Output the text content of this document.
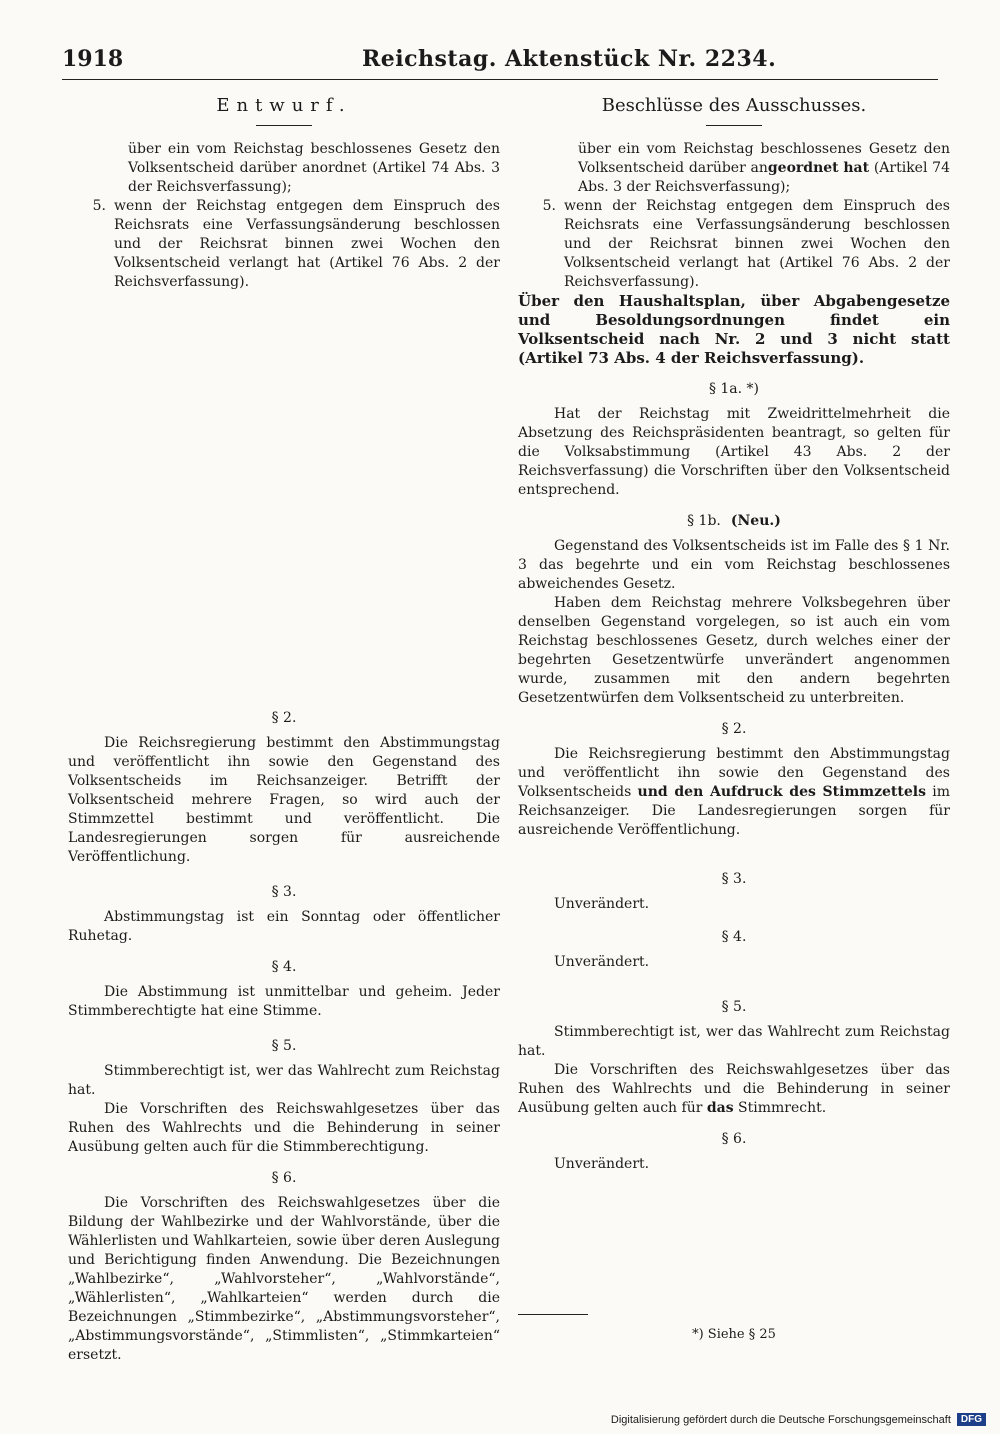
1918	Reichstag. Aktenstück Nr. 2234.
Entwurf.

über ein vom Reichstag beschlossenes Gesetz den Volksentscheid darüber anordnet (Artikel 74 Abs. 3 der Reichsverfassung);

5. wenn der Reichstag entgegen dem Einspruch des Reichsrats eine Verfassungsänderung beschlossen und der Reichsrat binnen zwei Wochen den Volksentscheid verlangt hat (Artikel 76 Abs. 2 der Reichsverfassung).
§ 2.

Die Reichsregierung bestimmt den Abstimmungstag und veröffentlicht ihn sowie den Gegenstand des Volksentscheids im Reichsanzeiger. Betrifft der Volksentscheid mehrere Fragen, so wird auch der Stimmzettel bestimmt und veröffentlicht. Die Landesregierungen sorgen für ausreichende Veröffentlichung.

§ 3.

Abstimmungstag ist ein Sonntag oder öffentlicher Ruhetag.

§ 4.

Die Abstimmung ist unmittelbar und geheim. Jeder Stimmberechtigte hat eine Stimme.

§ 5.

Stimmberechtigt ist, wer das Wahlrecht zum Reichstag hat.

Die Vorschriften des Reichswahlgesetzes über das Ruhen des Wahlrechts und die Behinderung in seiner Ausübung gelten auch für die Stimmberechtigung.

§ 6.

Die Vorschriften des Reichswahlgesetzes über die Bildung der Wahlbezirke und der Wahlvorstände, über die Wählerlisten und Wahlkarteien, sowie über deren Auslegung und Berichtigung finden Anwendung. Die Bezeichnungen „Wahlbezirke“, „Wahlvorsteher“, „Wahlvorstände“, „Wählerlisten“, „Wahlkarteien“ werden durch die Bezeichnungen „Stimmbezirke“, „Abstimmungsvorsteher“, „Abstimmungsvorstände“, „Stimmlisten“, „Stimmkarteien“ ersetzt.

Beschlüsse des Ausschusses.

über ein vom Reichstag beschlossenes Gesetz den Volksentscheid darüber angeordnet hat (Artikel 74 Abs. 3 der Reichsverfassung);

5. wenn der Reichstag entgegen dem Einspruch des Reichsrats eine Verfassungsänderung beschlossen und der Reichsrat binnen zwei Wochen den Volksentscheid verlangt hat (Artikel 76 Abs. 2 der Reichsverfassung).

Über den Haushaltsplan, über Abgabengesetze und Besoldungsordnungen findet ein Volksentscheid nach Nr. 2 und 3 nicht statt (Artikel 73 Abs. 4 der Reichsverfassung).

§ 1a. *)

Hat der Reichstag mit Zweidrittelmehrheit die Absetzung des Reichspräsidenten beantragt, so gelten für die Volksabstimmung (Artikel 43 Abs. 2 der Reichsverfassung) die Vorschriften über den Volksentscheid entsprechend.

§ 1b. (Neu.)

Gegenstand des Volksentscheids ist im Falle des § 1 Nr. 3 das begehrte und ein vom Reichstag beschlossenes abweichendes Gesetz.

Haben dem Reichstag mehrere Volksbegehren über denselben Gegenstand vorgelegen, so ist auch ein vom Reichstag beschlossenes Gesetz, durch welches einer der begehrten Gesetzentwürfe unverändert angenommen wurde, zusammen mit den andern begehrten Gesetzentwürfen dem Volksentscheid zu unterbreiten.

§ 2.

Die Reichsregierung bestimmt den Abstimmungstag und veröffentlicht ihn sowie den Gegenstand des Volksentscheids und den Aufdruck des Stimmzettels im Reichsanzeiger. Die Landesregierungen sorgen für ausreichende Veröffentlichung.

§ 3.

Unverändert.

§ 4.

Unverändert.

§ 5.

Stimmberechtigt ist, wer das Wahlrecht zum Reichstag hat.

Die Vorschriften des Reichswahlgesetzes über das Ruhen des Wahlrechts und die Behinderung in seiner Ausübung gelten auch für das Stimmrecht.

§ 6.

Unverändert.

*) Siehe § 25
Digitalisierung gefördert durch die Deutsche Forschungsgemeinschaft	DFG
